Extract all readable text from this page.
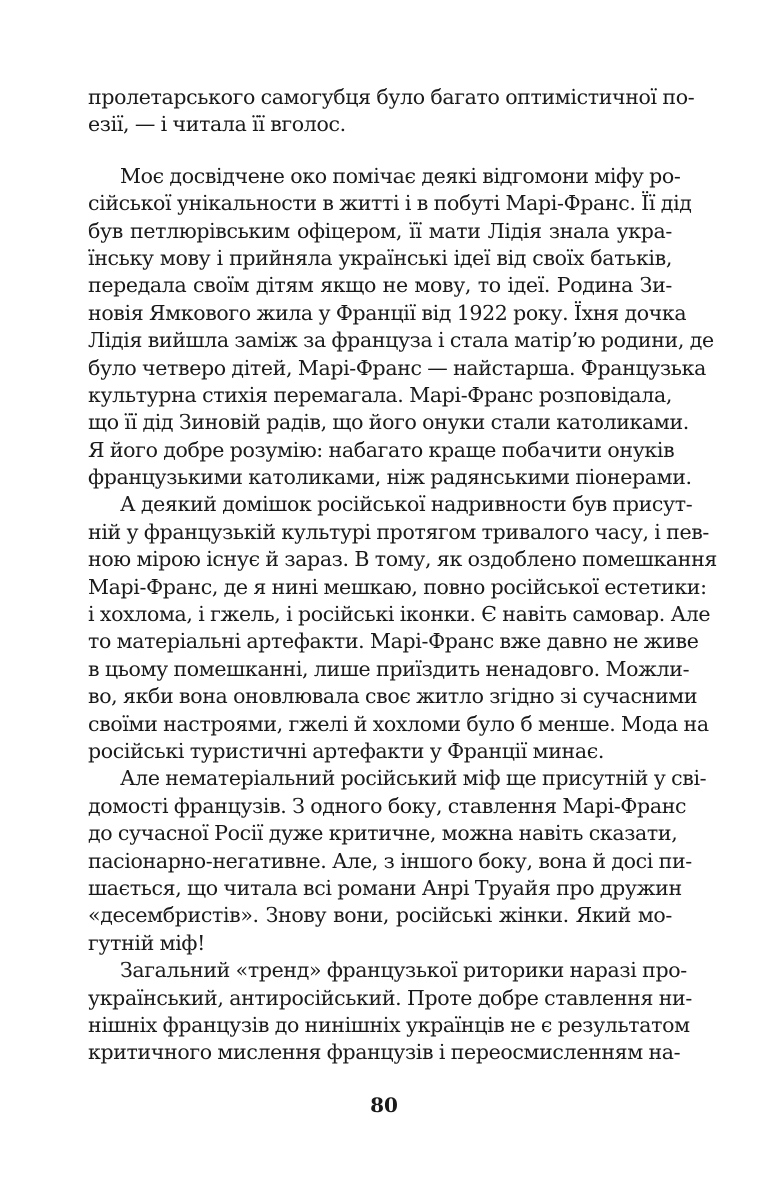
пролетарського самогубця було багато оптимістичної по-
езії, — і читала її вголос.
Моє досвідчене око помічає деякі відгомони міфу ро-
сійської унікальности в житті і в побуті Марі-Франс. Її дід
був петлюрівським офіцером, її мати Лідія знала укра-
їнську мову і прийняла українські ідеї від своїх батьків,
передала своїм дітям якщо не мову, то ідеї. Родина Зи-
новія Ямкового жила у Франції від 1922 року. Їхня дочка
Лідія вийшла заміж за француза і стала матір’ю родини, де
було четверо дітей, Марі-Франс — найстарша. Французька
культурна стихія перемагала. Марі-Франс розповідала,
що її дід Зиновій радів, що його онуки стали католиками.
Я його добре розумію: набагато краще побачити онуків
французькими католиками, ніж радянськими піонерами.
А деякий домішок російської надривности був присут-
ній у французькій культурі протягом тривалого часу, і пев-
ною мірою існує й зараз. В тому, як оздоблено помешкання
Марі-Франс, де я нині мешкаю, повно російської естетики:
і хохлома, і гжель, і російські іконки. Є навіть самовар. Але
то матеріальні артефакти. Марі-Франс вже давно не живе
в цьому помешканні, лише приїздить ненадовго. Можли-
во, якби вона оновлювала своє житло згідно зі сучасними
своїми настроями, гжелі й хохломи було б менше. Мода на
російські туристичні артефакти у Франції минає.
Але нематеріальний російський міф ще присутній у сві-
домості французів. З одного боку, ставлення Марі-Франс
до сучасної Росії дуже критичне, можна навіть сказати,
пасіонарно-негативне. Але, з іншого боку, вона й досі пи-
шається, що читала всі романи Анрі Труайя про дружин
«десембристів». Знову вони, російські жінки. Який мо-
гутній міф!
Загальний «тренд» французької риторики наразі про-
український, антиросійський. Проте добре ставлення ни-
нішніх французів до нинішніх українців не є результатом
критичного мислення французів і переосмисленням на-
80
